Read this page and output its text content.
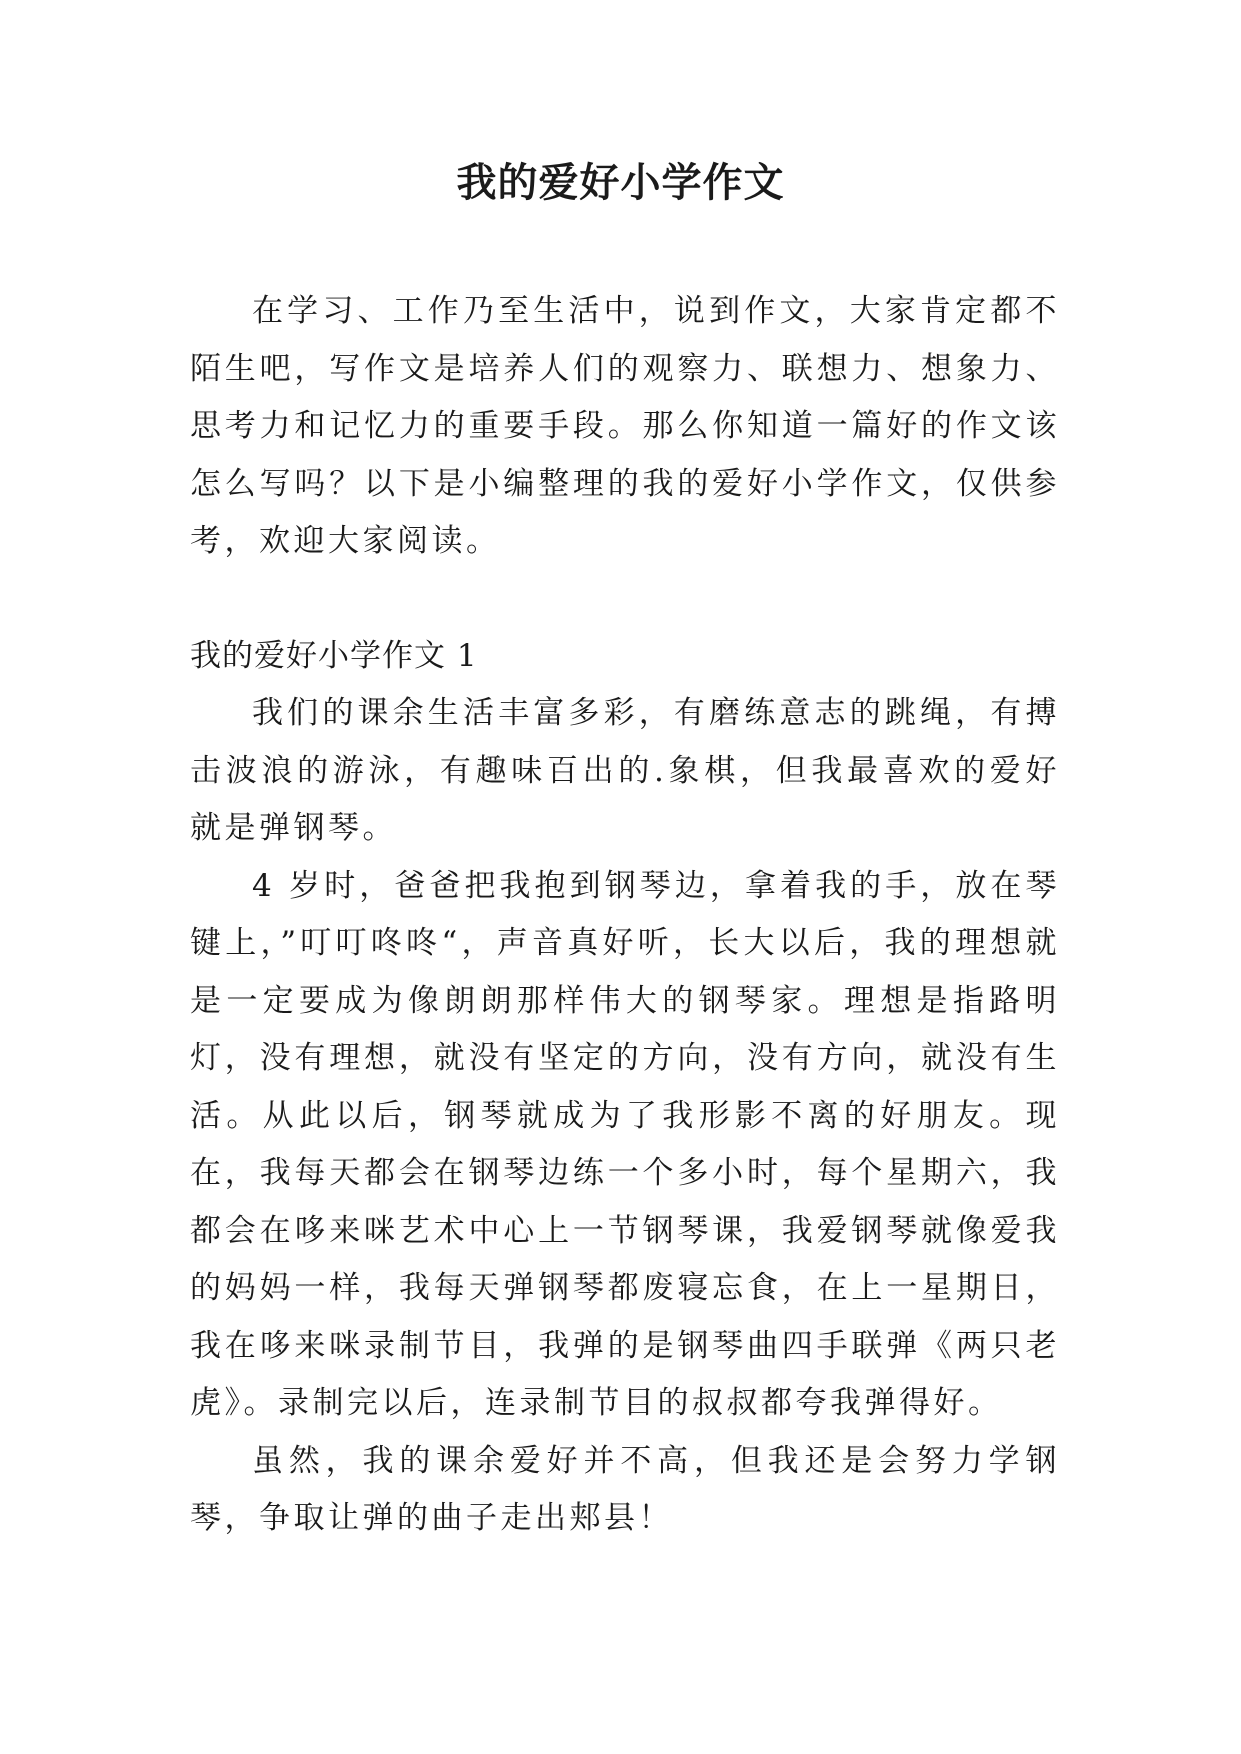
我的爱好小学作文

在学习、工作乃至生活中，说到作文，大家肯定都不陌生吧，写作文是培养人们的观察力、联想力、想象力、思考力和记忆力的重要手段。那么你知道一篇好的作文该怎么写吗？以下是小编整理的我的爱好小学作文，仅供参考，欢迎大家阅读。

我的爱好小学作文 1

我们的课余生活丰富多彩，有磨练意志的跳绳，有搏击波浪的游泳，有趣味百出的.象棋，但我最喜欢的爱好就是弹钢琴。

4 岁时，爸爸把我抱到钢琴边，拿着我的手，放在琴键上，”叮叮咚咚“，声音真好听，长大以后，我的理想就是一定要成为像朗朗那样伟大的钢琴家。理想是指路明灯，没有理想，就没有坚定的方向，没有方向，就没有生活。从此以后，钢琴就成为了我形影不离的好朋友。现在，我每天都会在钢琴边练一个多小时，每个星期六，我都会在哆来咪艺术中心上一节钢琴课，我爱钢琴就像爱我的妈妈一样，我每天弹钢琴都废寝忘食，在上一星期日，我在哆来咪录制节目，我弹的是钢琴曲四手联弹《两只老虎》。录制完以后，连录制节目的叔叔都夸我弹得好。

虽然，我的课余爱好并不高，但我还是会努力学钢琴，争取让弹的曲子走出郏县！
